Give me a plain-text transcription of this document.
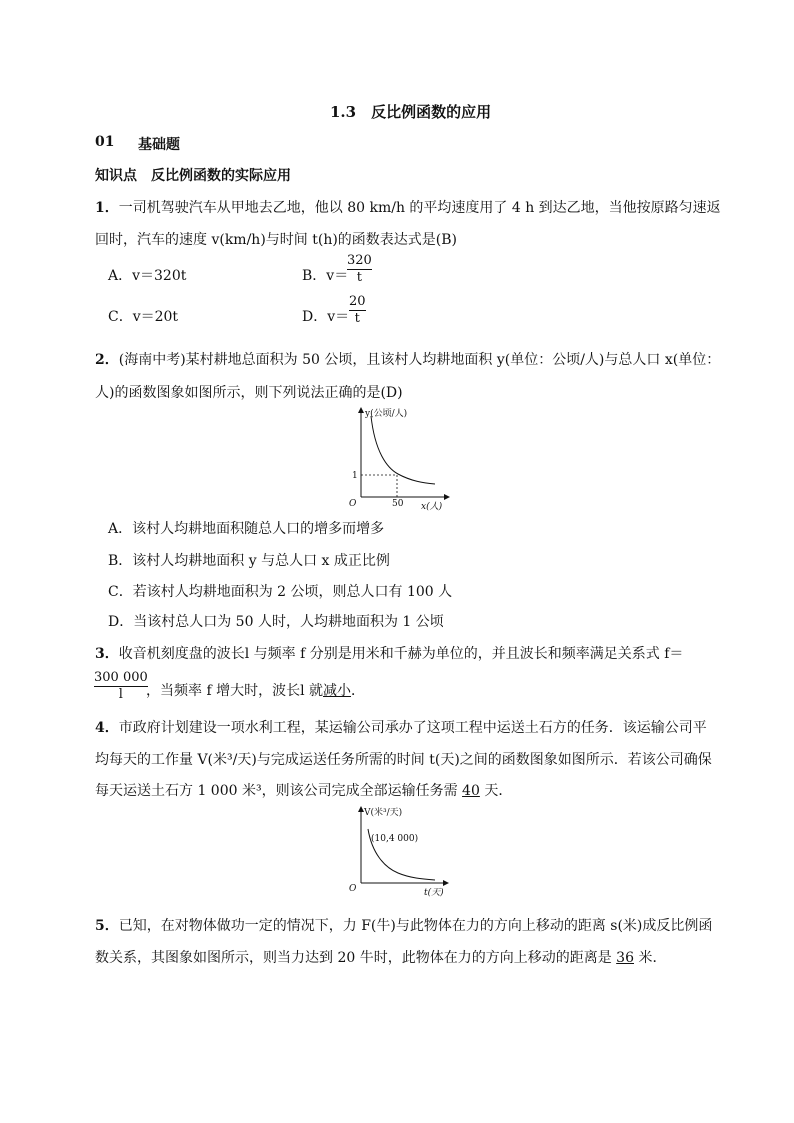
1.3　反比例函数的应用
01 基础题
知识点　反比例函数的实际应用
1．一司机驾驶汽车从甲地去乙地，他以 80 km/h 的平均速度用了 4 h 到达乙地，当他按原路匀速返
回时，汽车的速度 v(km/h)与时间 t(h)的函数表达式是(B)
A．v＝320t	B．v＝
320
t
C．v＝20t	D．v＝
20
t
2．(海南中考)某村耕地总面积为 50 公顷，且该村人均耕地面积 y(单位：公顷/人)与总人口 x(单位：
人)的函数图象如图所示，则下列说法正确的是(D)
y(公顷/人)
x(人)
O
1
50
A．该村人均耕地面积随总人口的增多而增多
B．该村人均耕地面积 y 与总人口 x 成正比例
C．若该村人均耕地面积为 2 公顷，则总人口有 100 人
D．当该村总人口为 50 人时，人均耕地面积为 1 公顷
3．收音机刻度盘的波长l 与频率 f 分别是用米和千赫为单位的，并且波长和频率满足关系式 f＝
300 000
l ，当频率 f 增大时，波长l 就减小．
4．市政府计划建设一项水利工程，某运输公司承办了这项工程中运送土石方的任务．该运输公司平
均每天的工作量 V(米³/天)与完成运送任务所需的时间 t(天)之间的函数图象如图所示．若该公司确保
每天运送土石方 1 000 米³，则该公司完成全部运输任务需 40 天．
V(米³/天)
(10,4 000)
t(天)
O
5．已知，在对物体做功一定的情况下，力 F(牛)与此物体在力的方向上移动的距离 s(米)成反比例函
数关系，其图象如图所示，则当力达到 20 牛时，此物体在力的方向上移动的距离是 36 米．
